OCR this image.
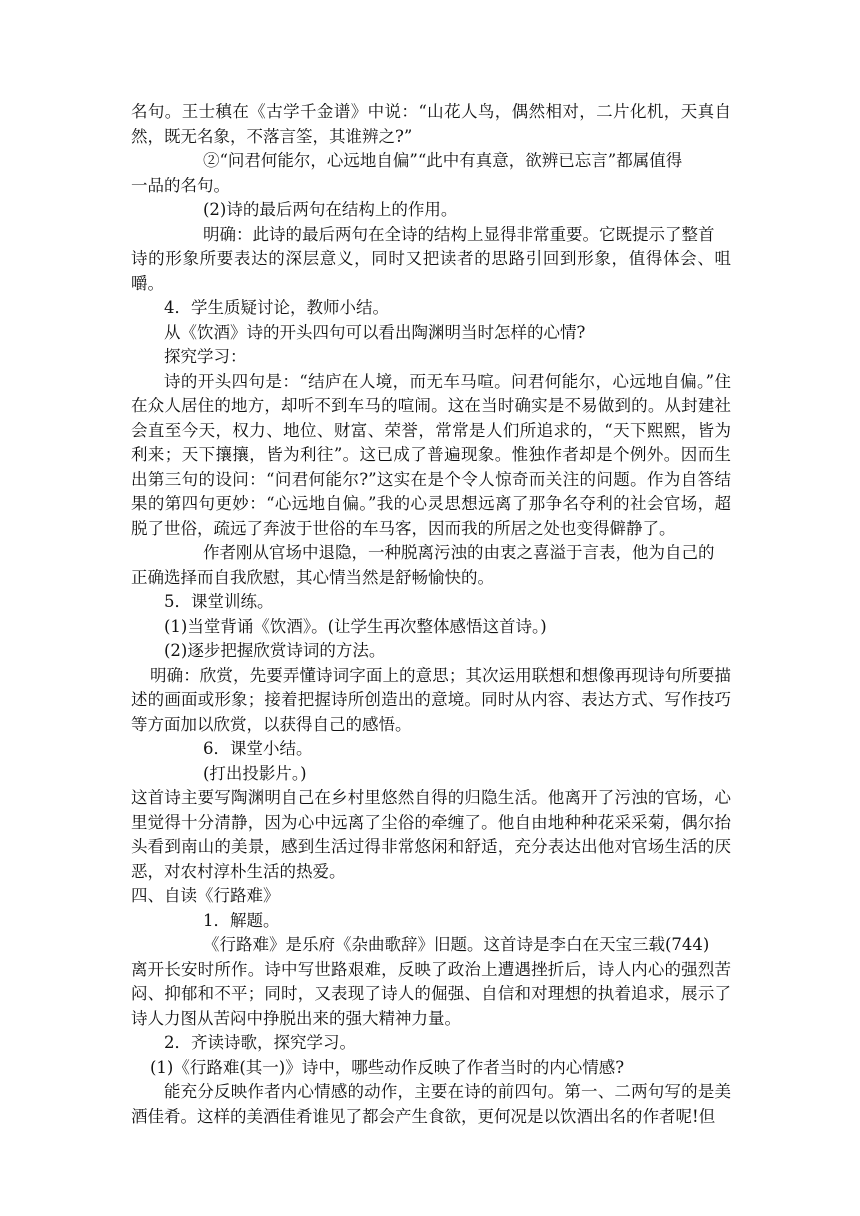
名句。王士稹在《古学千金谱》中说：“山花人鸟，偶然相对，二片化机，天真自然，既无名象，不落言筌，其谁辨之?”

②“问君何能尔，心远地自偏”“此中有真意，欲辨已忘言”都属值得

一品的名句。

(2)诗的最后两句在结构上的作用。

明确：此诗的最后两句在全诗的结构上显得非常重要。它既提示了整首

诗的形象所要表达的深层意义，同时又把读者的思路引回到形象，值得体会、咀嚼。

4．学生质疑讨论，教师小结。

从《饮酒》诗的开头四句可以看出陶渊明当时怎样的心情?

探究学习：

诗的开头四句是：“结庐在人境，而无车马喧。问君何能尔，心远地自偏。”住在众人居住的地方，却听不到车马的喧闹。这在当时确实是不易做到的。从封建社会直至今天，权力、地位、财富、荣誉，常常是人们所追求的，“天下熙熙，皆为利来；天下攘攘，皆为利往”。这已成了普遍现象。惟独作者却是个例外。因而生出第三句的设问：“问君何能尔?”这实在是个令人惊奇而关注的问题。作为自答结果的第四句更妙：“心远地自偏。”我的心灵思想远离了那争名夺利的社会官场，超脱了世俗，疏远了奔波于世俗的车马客，因而我的所居之处也变得僻静了。

作者刚从官场中退隐，一种脱离污浊的由衷之喜溢于言表，他为自己的

正确选择而自我欣慰，其心情当然是舒畅愉快的。

5．课堂训练。

(1)当堂背诵《饮酒》。(让学生再次整体感悟这首诗。)

(2)逐步把握欣赏诗词的方法。

明确：欣赏，先要弄懂诗词字面上的意思；其次运用联想和想像再现诗句所要描述的画面或形象；接着把握诗所创造出的意境。同时从内容、表达方式、写作技巧等方面加以欣赏，以获得自己的感悟。

6．课堂小结。

(打出投影片。)

这首诗主要写陶渊明自己在乡村里悠然自得的归隐生活。他离开了污浊的官场，心里觉得十分清静，因为心中远离了尘俗的牵缠了。他自由地种种花采采菊，偶尔抬头看到南山的美景，感到生活过得非常悠闲和舒适，充分表达出他对官场生活的厌恶，对农村淳朴生活的热爱。

四、自读《行路难》

1．解题。

《行路难》是乐府《杂曲歌辞》旧题。这首诗是李白在天宝三载(744)

离开长安时所作。诗中写世路艰难，反映了政治上遭遇挫折后，诗人内心的强烈苦闷、抑郁和不平；同时，又表现了诗人的倔强、自信和对理想的执着追求，展示了诗人力图从苦闷中挣脱出来的强大精神力量。

2．齐读诗歌，探究学习。

(1)《行路难(其一)》诗中，哪些动作反映了作者当时的内心情感?

能充分反映作者内心情感的动作，主要在诗的前四句。第一、二两句写的是美酒佳肴。这样的美酒佳肴谁见了都会产生食欲，更何况是以饮酒出名的作者呢!但
